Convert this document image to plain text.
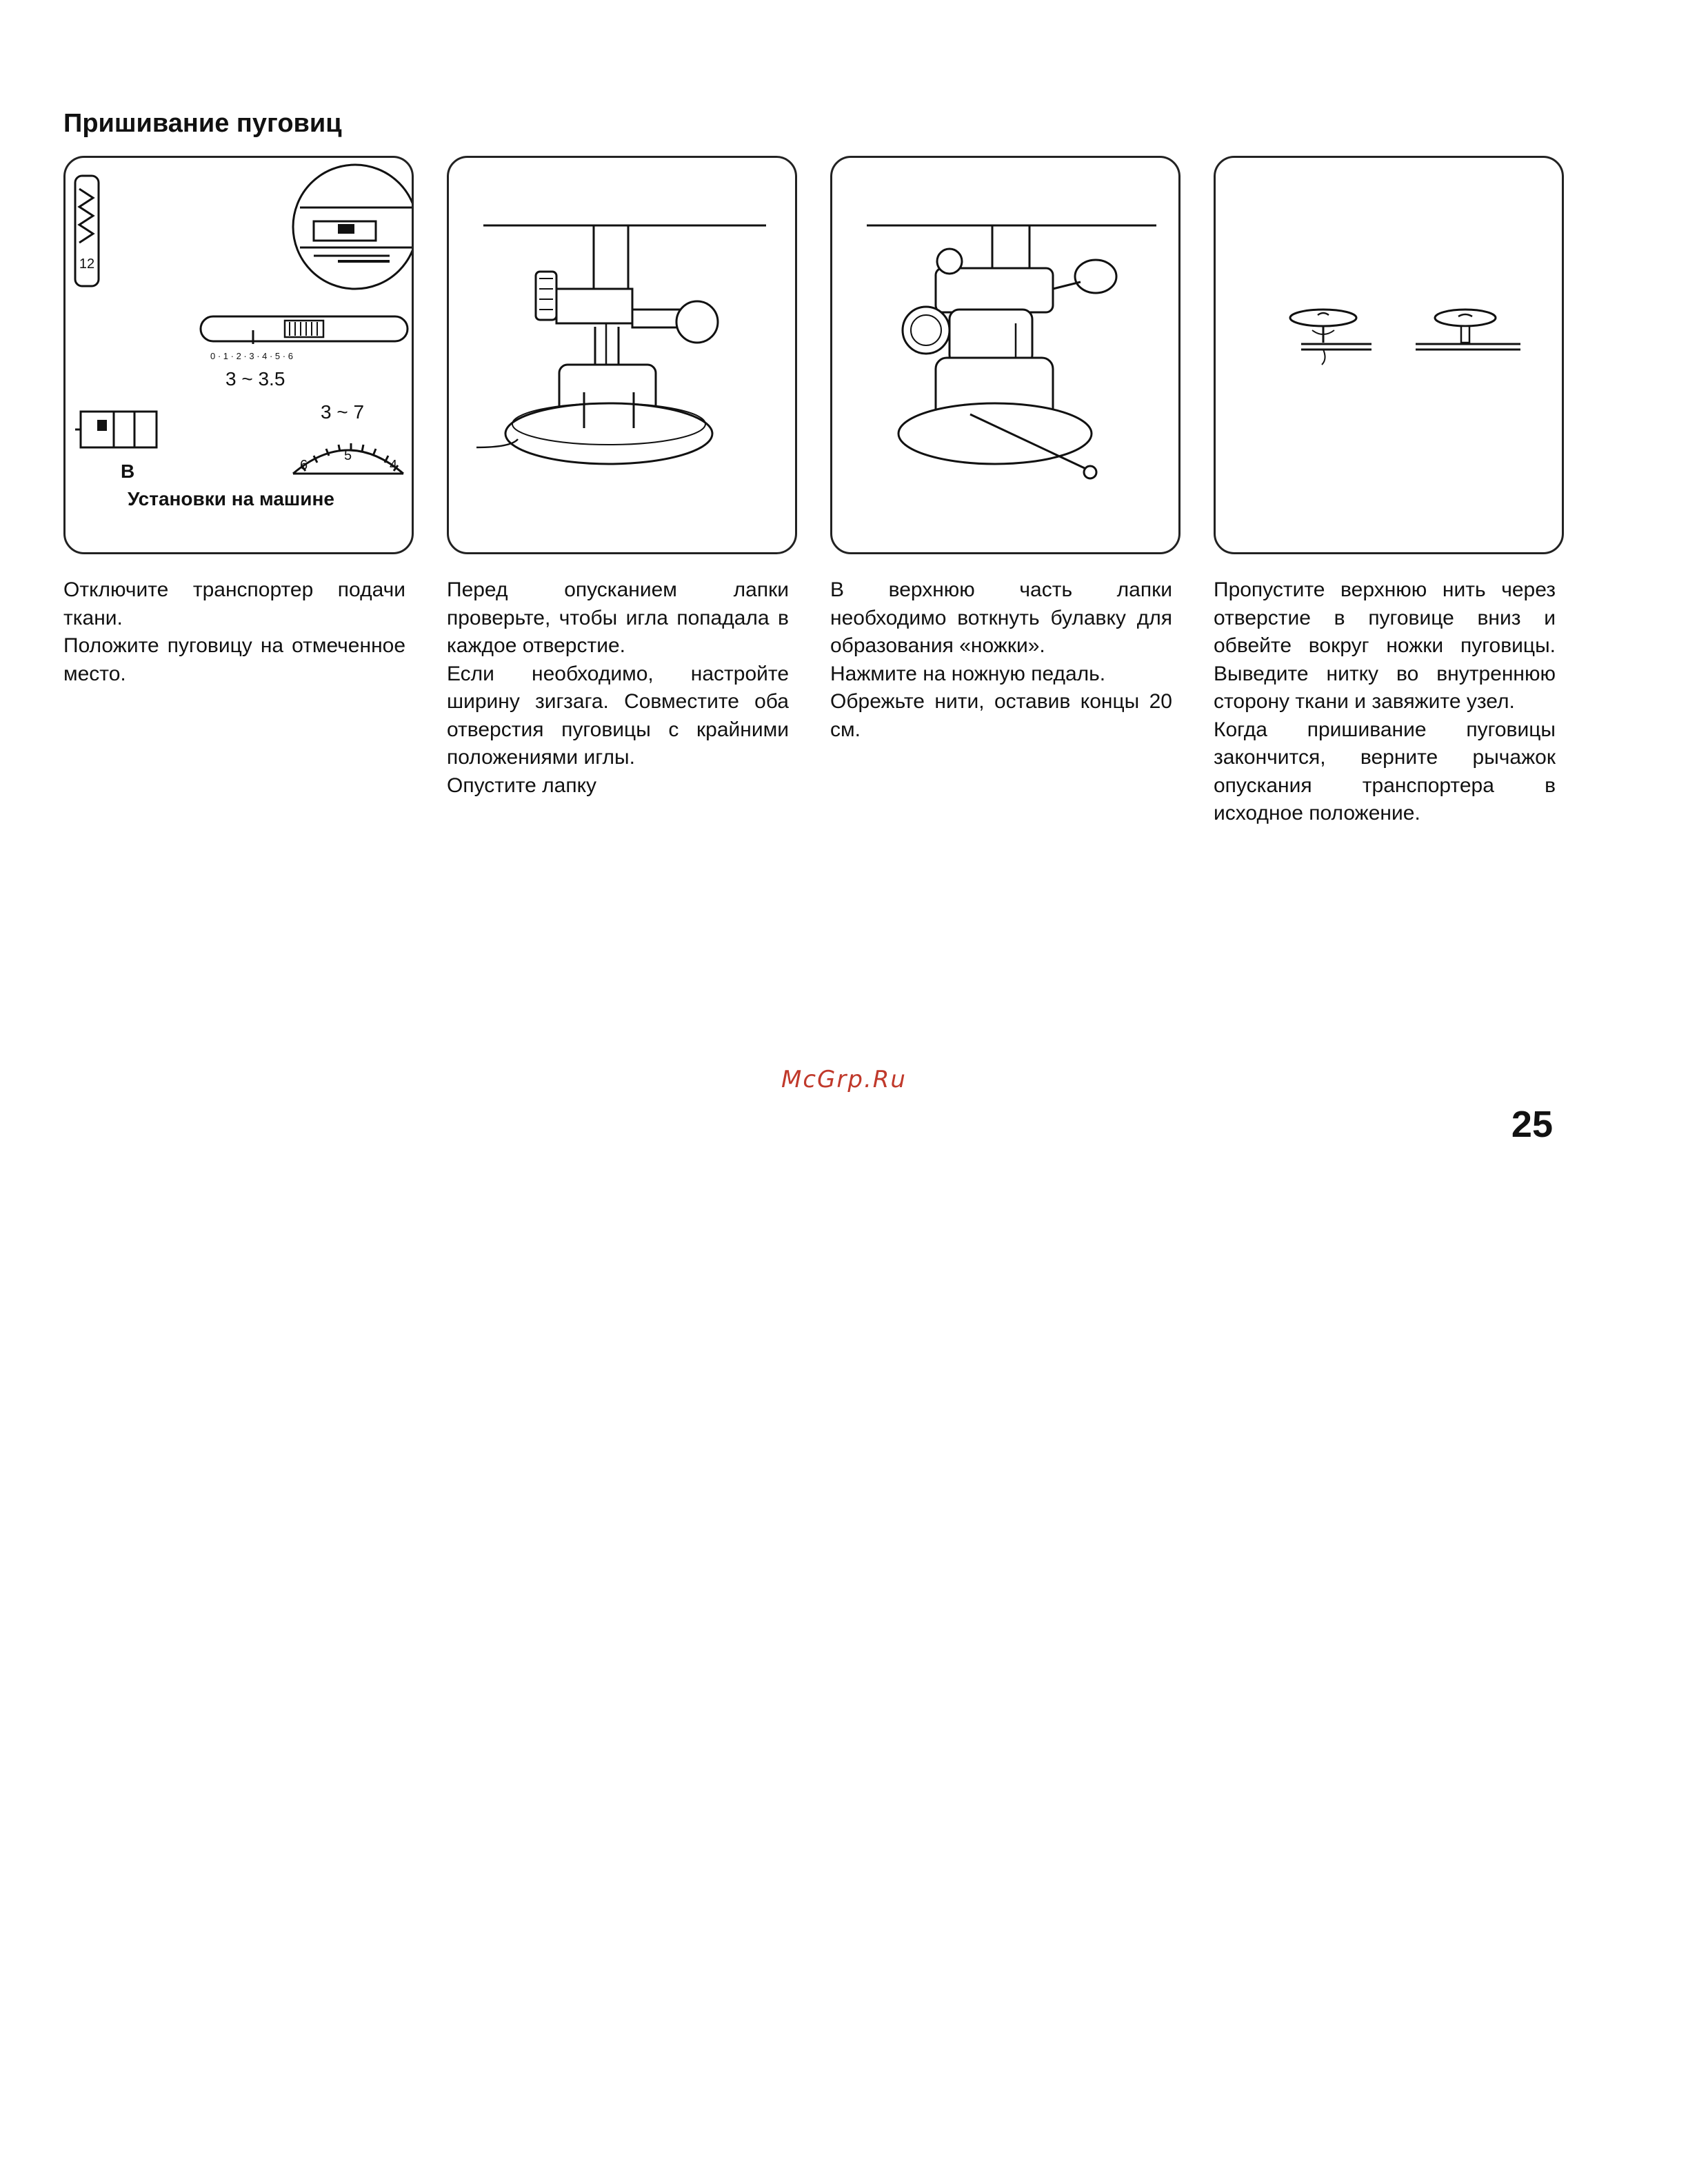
Пришивание пуговиц
12
0 · 1 · 2 · 3 · 4 · 5 · 6
3 ~ 3.5
B
3 ~ 7
6
5
4
Установки на машине

Отключите транспортер подачи ткани.

Положите пуговицу на отмеченное место.

Перед опусканием лапки проверьте, чтобы игла попадала в каждое отверстие.

Если необходимо, настройте ширину зигзага. Совместите оба отверстия пуговицы с крайними положениями иглы.

Опустите лапку

В верхнюю часть лапки необходимо воткнуть булавку для образования «ножки».

Нажмите на ножную педаль.

Обрежьте нити, оставив концы 20 см.

Пропустите верхнюю нить через отверстие в пуговице вниз и обвейте вокруг ножки пуговицы. Выведите нитку во внутреннюю сторону ткани и завяжите узел.

Когда пришивание пуговицы закончится, верните рычажок опускания транспортера в исходное положение.

McGrp.Ru
25
